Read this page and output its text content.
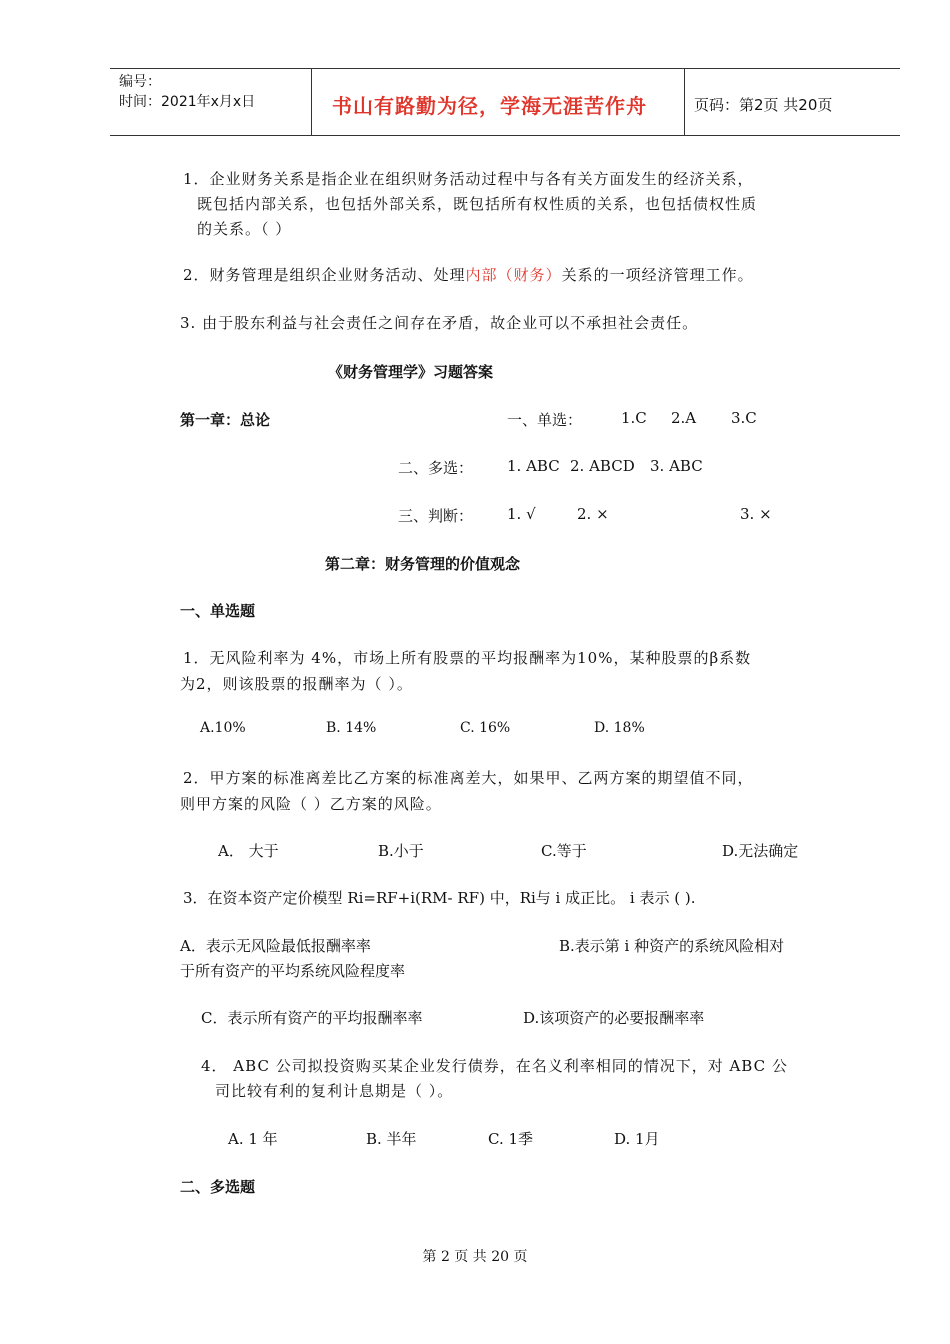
编号：
时间：2021年x月x日	书山有路勤为径，学海无涯苦作舟	页码：第2页 共20页
1．企业财务关系是指企业在组织财务活动过程中与各有关方面发生的经济关系，
既包括内部关系，也包括外部关系，既包括所有权性质的关系，也包括债权性质
的关系。（ ）
2．财务管理是组织企业财务活动、处理内部（财务）关系的一项经济管理工作。
3. 由于股东利益与社会责任之间存在矛盾，故企业可以不承担社会责任。
《财务管理学》习题答案
第一章：总论	一、单选：	1.C 2.A 3.C
二、多选： 1. ABC 2. ABCD 3. ABC
三、判断： 1. √	2. ⨯	3. ⨯
第二章：财务管理的价值观念
一、单选题
1．无风险利率为 4%，市场上所有股票的平均报酬率为10%，某种股票的β系数
为2，则该股票的报酬率为（ ）。
A.10%	B. 14%	C. 16%	D. 18%
2．甲方案的标准离差比乙方案的标准离差大，如果甲、乙两方案的期望值不同，
则甲方案的风险（ ）乙方案的风险。
A． 大于	B.小于	C.等于	D.无法确定
3．在资本资产定价模型 Ri=RF+i(RM- RF) 中，Ri与 i 成正比。 i 表示 ( ).
A．表示无风险最低报酬率率	B.表示第 i 种资产的系统风险相对
于所有资产的平均系统风险程度率
C．表示所有资产的平均报酬率率	D.该项资产的必要报酬率率
4． ABC 公司拟投资购买某企业发行债券，在名义利率相同的情况下，对 ABC 公
司比较有利的复利计息期是（ ）。
A. 1 年	B. 半年	C. 1季	D. 1月
二、多选题
第 2 页 共 20 页
